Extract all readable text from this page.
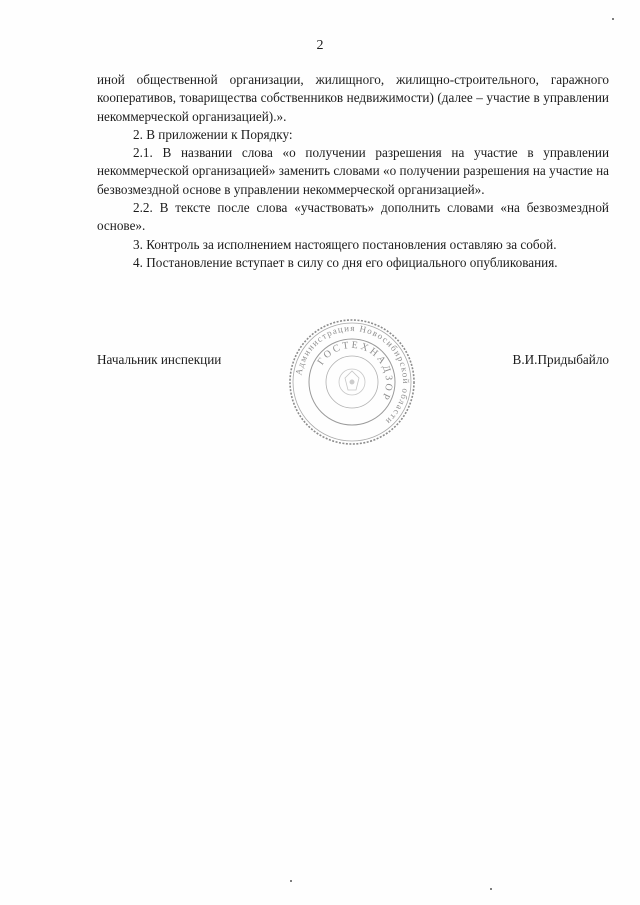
2

иной общественной организации, жилищного, жилищно-строительного, гаражного кооперативов, товарищества собственников недвижимости) (далее – участие в управлении некоммерческой организацией).».

2. В приложении к Порядку:

2.1. В названии слова «о получении разрешения на участие в управлении некоммерческой организацией» заменить словами «о получении разрешения на участие на безвозмездной основе в управлении некоммерческой организацией».

2.2. В тексте после слова «участвовать» дополнить словами «на безвозмездной основе».

3. Контроль за исполнением настоящего постановления оставляю за собой.

4. Постановление вступает в силу со дня его официального опубликования.

Начальник инспекции	В.И.Придыбайло
Администрация Новосибирской области
ГОСТЕХНАДЗОР
